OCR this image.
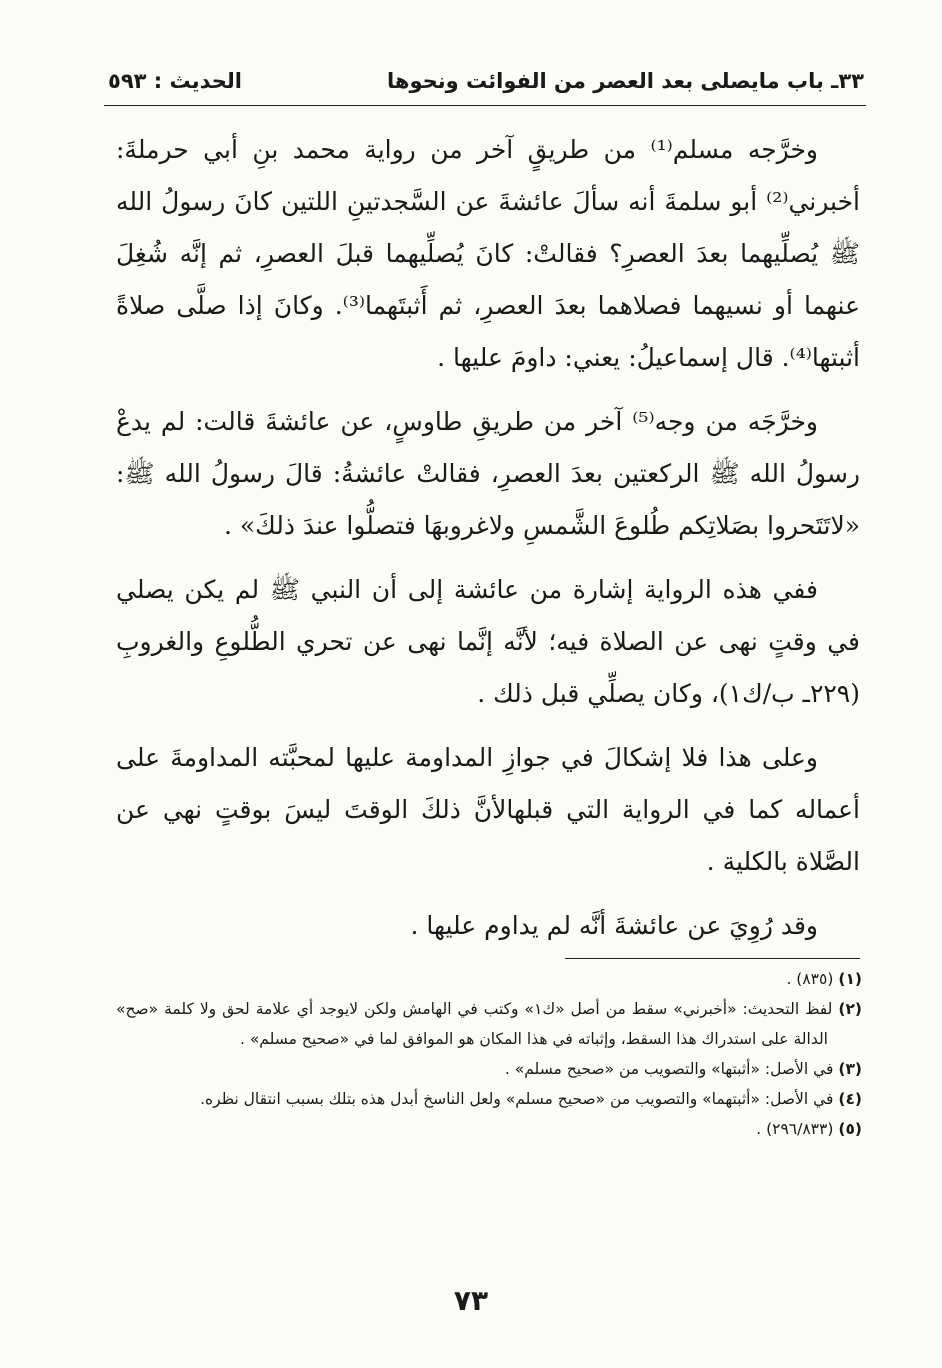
٣٣ـ باب مايصلى بعد العصر من الفوائت ونحوها
الحديث : ٥٩٣

وخرَّجه مسلم⁽¹⁾ من طريقٍ آخر من رواية محمد بنِ أبي حرملةَ: أخبرني⁽²⁾ أبو سلمةَ أنه سألَ عائشةَ عن السَّجدتينِ اللتين كانَ رسولُ الله ﷺ يُصلِّيهما بعدَ العصرِ؟ فقالتْ: كانَ يُصلِّيهما قبلَ العصرِ، ثم إنَّه شُغِلَ عنهما أو نسيهما فصلاهما بعدَ العصرِ، ثم أَثبتَهما⁽³⁾. وكانَ إذا صلَّى صلاةً أثبتها⁽⁴⁾. قال إسماعيلُ: يعني: داومَ عليها .

وخرَّجَه من وجه⁽⁵⁾ آخر من طريقِ طاوسٍ، عن عائشةَ قالت: لم يدعْ رسولُ الله ﷺ الركعتين بعدَ العصرِ، فقالتْ عائشةُ: قالَ رسولُ الله ﷺ: «لاتَتَحروا بصَلاتِكم طُلوعَ الشَّمسِ ولاغروبهَا فتصلُّوا عندَ ذلكَ» .

ففي هذه الرواية إشارة من عائشة إلى أن النبي ﷺ لم يكن يصلي في وقتٍ نهى عن الصلاة فيه؛ لأنَّه إنَّما نهى عن تحري الطُّلوعِ والغروبِ (٢٢٩ـ ب/ك١)، وكان يصلِّي قبل ذلك .

وعلى هذا فلا إشكالَ في جوازِ المداومة عليها لمحبَّته المداومةَ على أعماله كما في الرواية التي قبلهالأنَّ ذلكَ الوقتَ ليسَ بوقتٍ نهي عن الصَّلاة بالكلية .

وقد رُوِيَ عن عائشةَ أنَّه لم يداوم عليها .

(١) (٨٣٥) .

(٢) لفظ التحديث: «أخبرني» سقط من أصل «ك١» وكتب في الهامش ولكن لايوجد أي علامة لحق ولا كلمة «صح» الدالة على استدراك هذا السقط، وإثباته في هذا المكان هو الموافق لما في «صحيح مسلم» .

(٣) في الأصل: «أثبتها» والتصويب من «صحيح مسلم» .

(٤) في الأصل: «أثبتهما» والتصويب من «صحيح مسلم» ولعل الناسخ أبدل هذه بتلك بسبب انتقال نظره.

(٥) (٢٩٦/٨٣٣) .

٧٣
